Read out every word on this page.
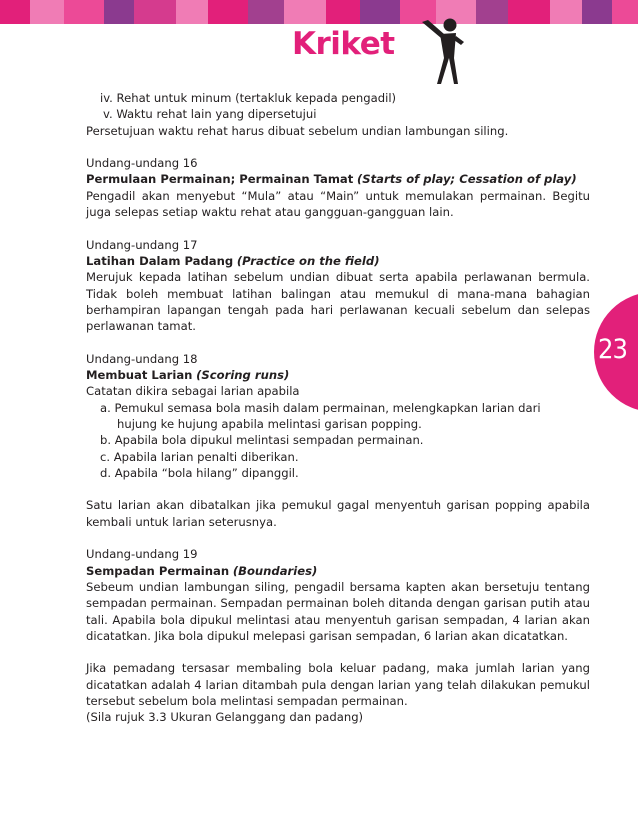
Kriket
23

iv. Rehat untuk minum (tertakluk kepada pengadil)

v. Waktu rehat lain yang dipersetujui

Persetujuan waktu rehat harus dibuat sebelum undian lambungan siling.

Undang-undang 16

Permulaan Permainan; Permainan Tamat (Starts of play; Cessation of play)

Pengadil akan menyebut “Mula” atau “Main” untuk memulakan permainan. Begitu juga selepas setiap waktu rehat atau gangguan-gangguan lain.

Undang-undang 17

Latihan Dalam Padang (Practice on the field)

Merujuk kepada latihan sebelum undian dibuat serta apabila perlawanan bermula. Tidak boleh membuat latihan balingan atau memukul di mana-mana bahagian berhampiran lapangan tengah pada hari perlawanan kecuali sebelum dan selepas perlawanan tamat.

Undang-undang 18

Membuat Larian (Scoring runs)

Catatan dikira sebagai larian apabila

a. Pemukul semasa bola masih dalam permainan, melengkapkan larian dari

hujung ke hujung apabila melintasi garisan popping.

b. Apabila bola dipukul melintasi sempadan permainan.

c. Apabila larian penalti diberikan.

d. Apabila “bola hilang” dipanggil.

Satu larian akan dibatalkan jika pemukul gagal menyentuh garisan popping apabila kembali untuk larian seterusnya.

Undang-undang 19

Sempadan Permainan (Boundaries)

Sebeum undian lambungan siling, pengadil bersama kapten akan bersetuju tentang sempadan permainan. Sempadan permainan boleh ditanda dengan garisan putih atau tali. Apabila bola dipukul melintasi atau menyentuh garisan sempadan, 4 larian akan dicatatkan. Jika bola dipukul melepasi garisan sempadan, 6 larian akan dicatatkan.

Jika pemadang tersasar membaling bola keluar padang, maka jumlah larian yang dicatatkan adalah 4 larian ditambah pula dengan larian yang telah dilakukan pemukul tersebut sebelum bola melintasi sempadan permainan.

(Sila rujuk 3.3 Ukuran Gelanggang dan padang)
